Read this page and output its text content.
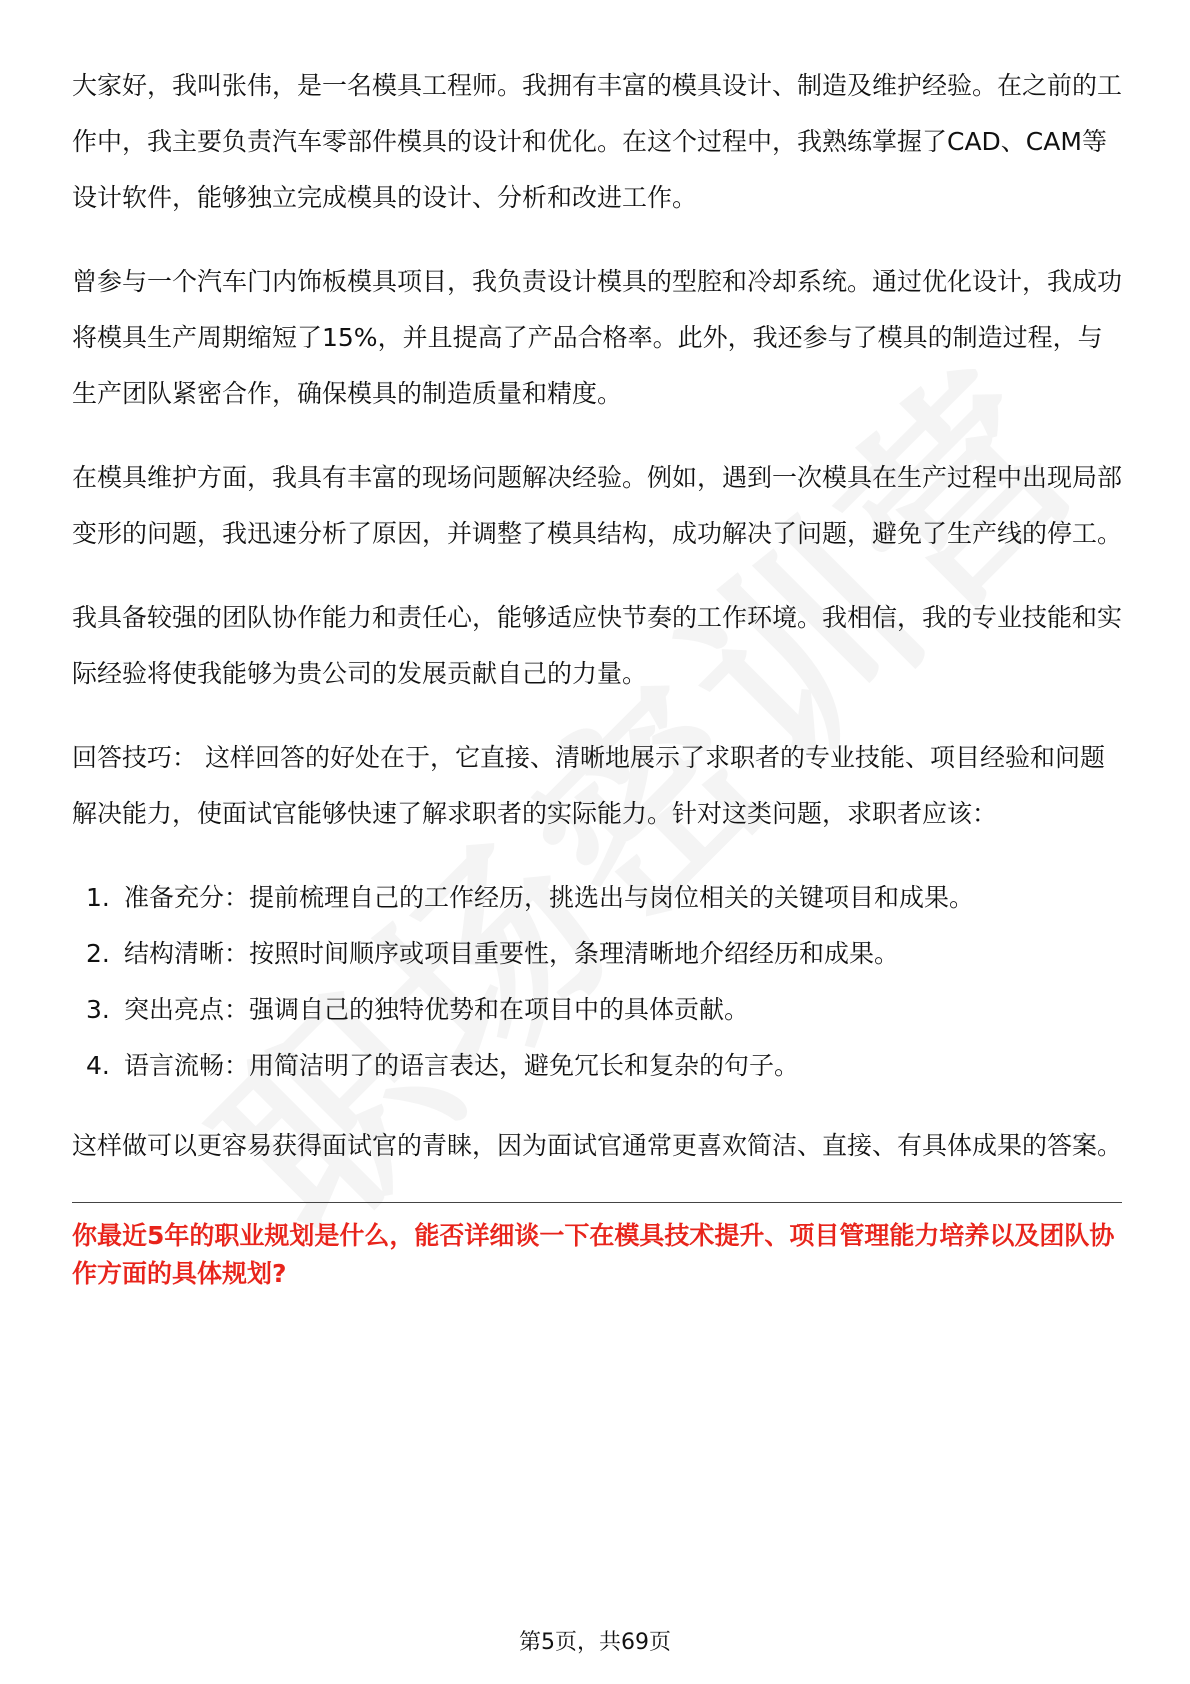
大家好，我叫张伟，是一名模具工程师。我拥有丰富的模具设计、制造及维护经验。在之前的工作中，我主要负责汽车零部件模具的设计和优化。在这个过程中，我熟练掌握了CAD、CAM等设计软件，能够独立完成模具的设计、分析和改进工作。

曾参与一个汽车门内饰板模具项目，我负责设计模具的型腔和冷却系统。通过优化设计，我成功将模具生产周期缩短了15%，并且提高了产品合格率。此外，我还参与了模具的制造过程，与生产团队紧密合作，确保模具的制造质量和精度。

在模具维护方面，我具有丰富的现场问题解决经验。例如，遇到一次模具在生产过程中出现局部变形的问题，我迅速分析了原因，并调整了模具结构，成功解决了问题，避免了生产线的停工。

我具备较强的团队协作能力和责任心，能够适应快节奏的工作环境。我相信，我的专业技能和实际经验将使我能够为贵公司的发展贡献自己的力量。

回答技巧： 这样回答的好处在于，它直接、清晰地展示了求职者的专业技能、项目经验和问题解决能力，使面试官能够快速了解求职者的实际能力。针对这类问题，求职者应该：

1. 准备充分：提前梳理自己的工作经历，挑选出与岗位相关的关键项目和成果。
2. 结构清晰：按照时间顺序或项目重要性，条理清晰地介绍经历和成果。
3. 突出亮点：强调自己的独特优势和在项目中的具体贡献。
4. 语言流畅：用简洁明了的语言表达，避免冗长和复杂的句子。

这样做可以更容易获得面试官的青睐，因为面试官通常更喜欢简洁、直接、有具体成果的答案。

你最近5年的职业规划是什么，能否详细谈一下在模具技术提升、项目管理能力培养以及团队协作方面的具体规划?

第5页，共69页
